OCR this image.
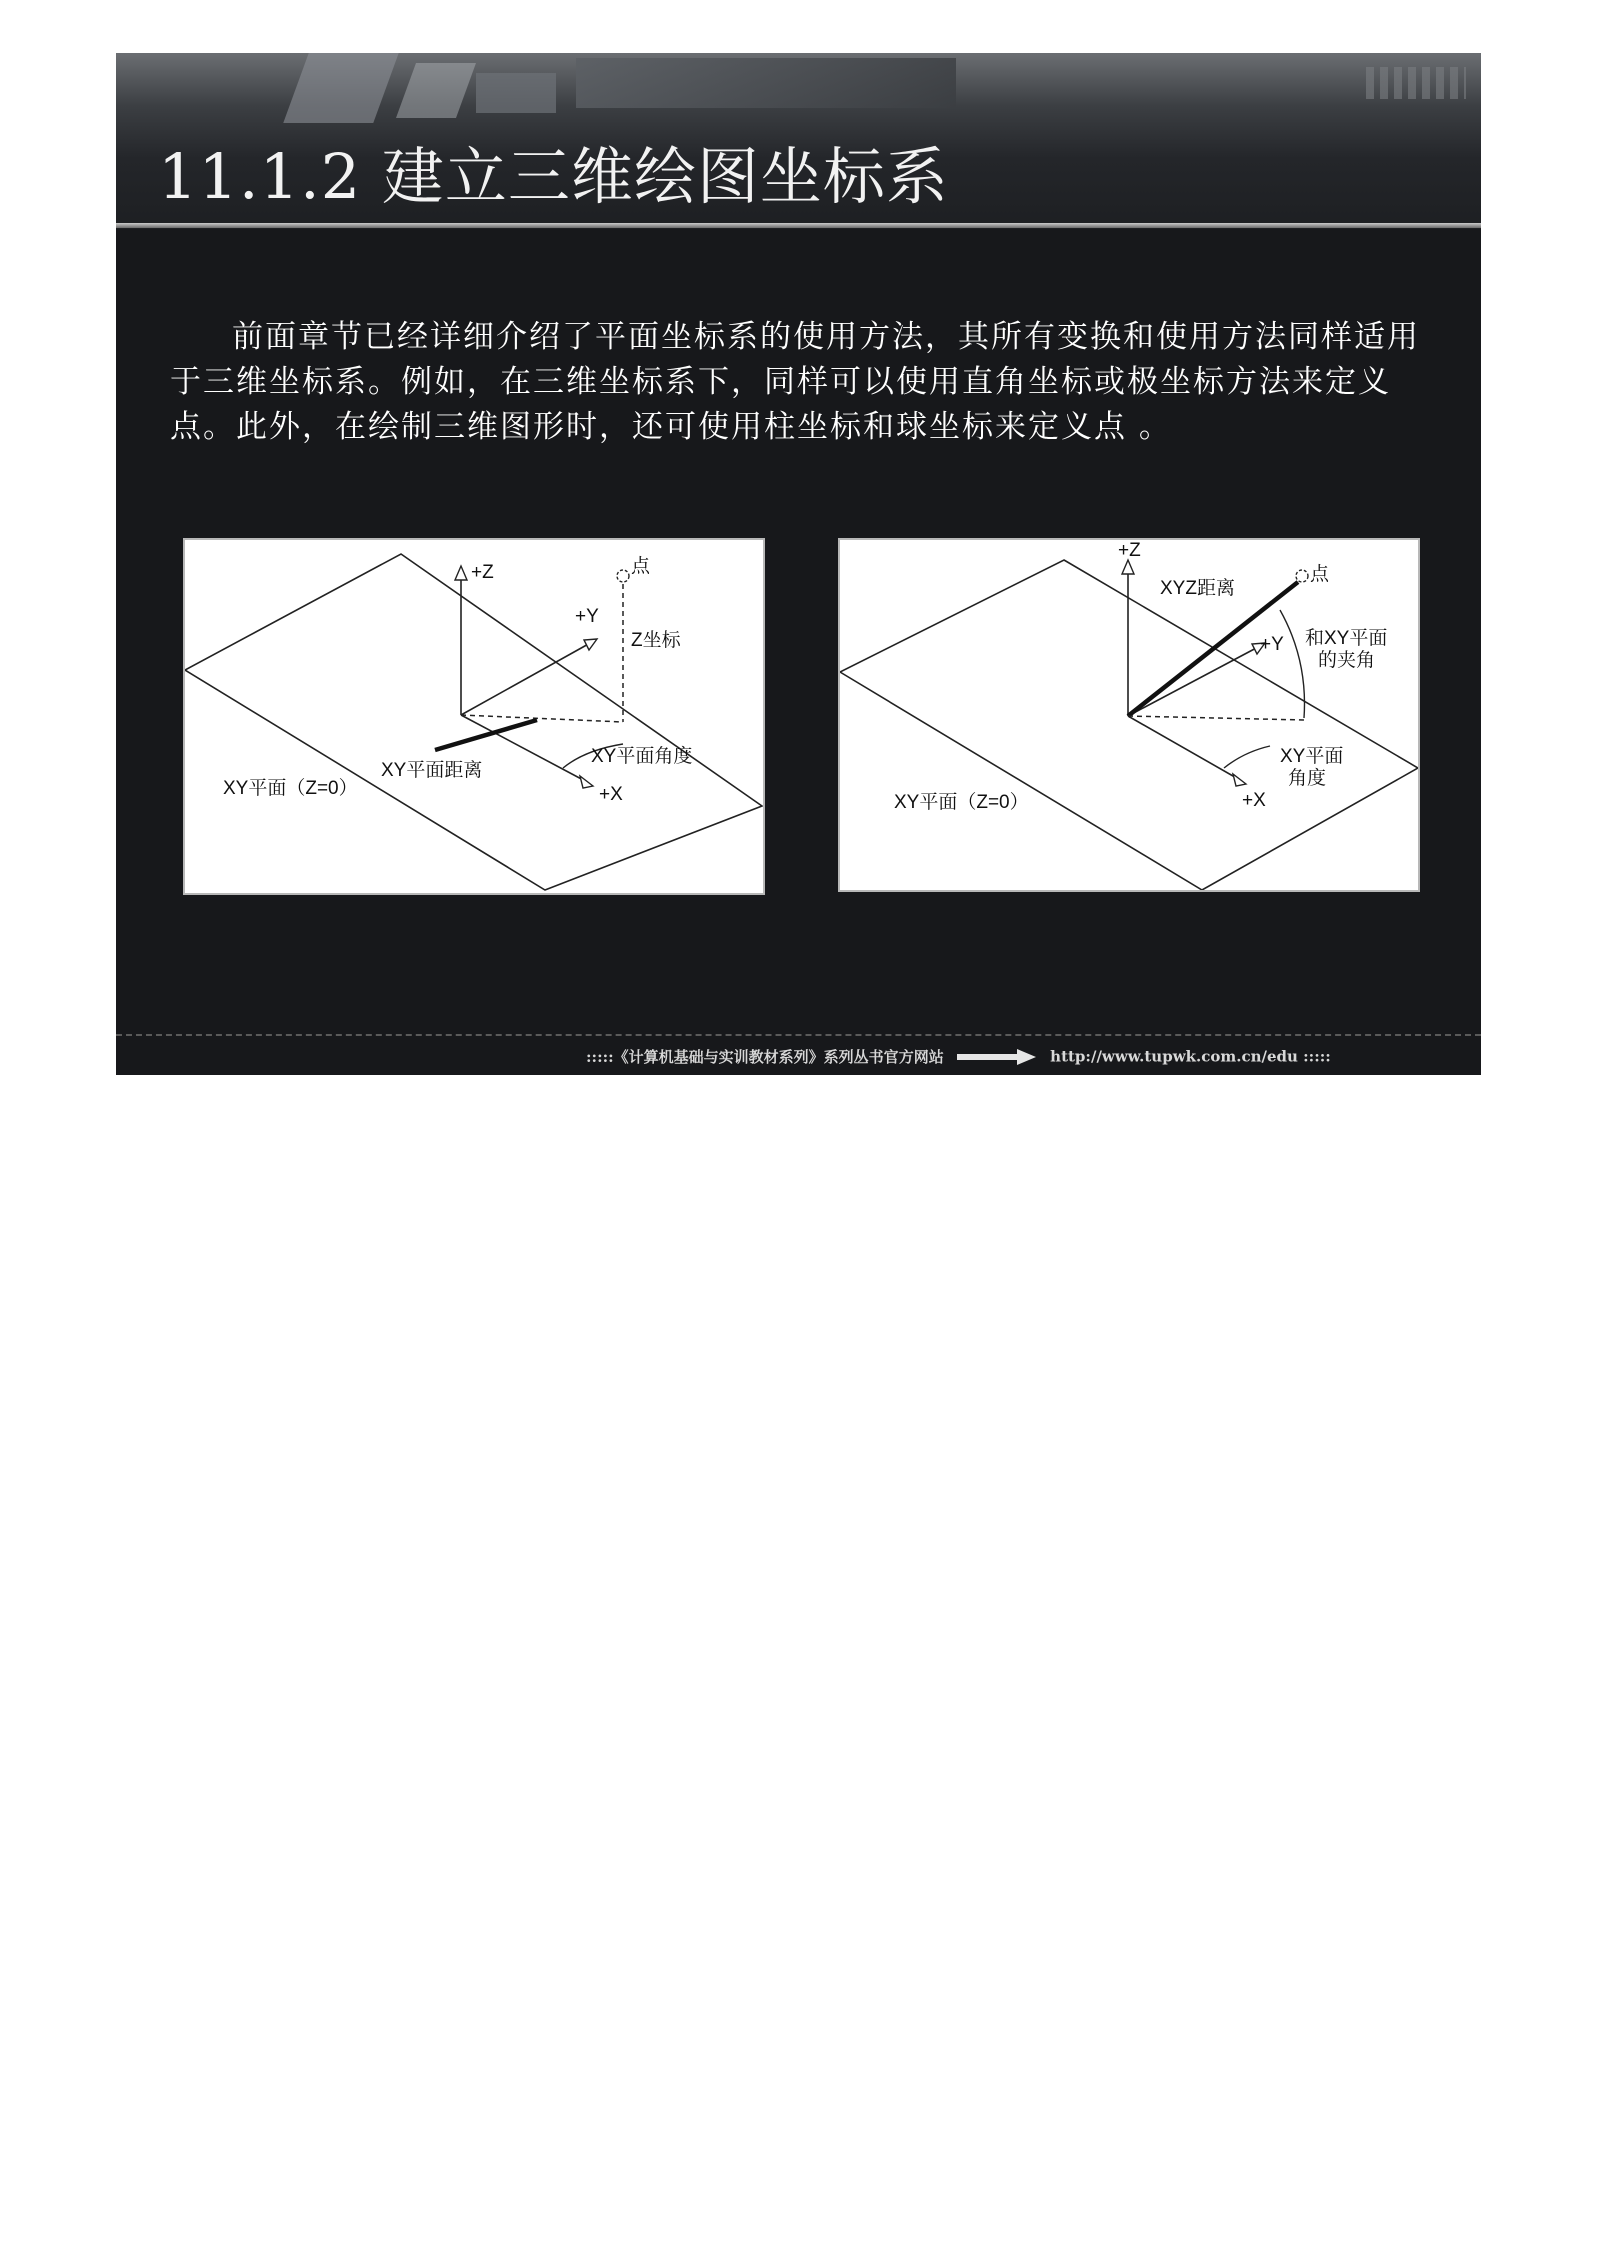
11.1.2 建立三维绘图坐标系
前面章节已经详细介绍了平面坐标系的使用方法，其所有变换和使用方法同样适用于三维坐标系。例如，在三维坐标系下，同样可以使用直角坐标或极坐标方法来定义点。此外，在绘制三维图形时，还可使用柱坐标和球坐标来定义点 。
+Z	点
+Y
Z坐标
XY平面角度
XY平面距离
+X
XY平面（Z=0）
+Z
XYZ距离
点
+Y 和XY平面
的夹角
XY平面
角度
+X
XY平面（Z=0）
:::::《计算机基础与实训教材系列》系列丛书官方网站	http://www.tupwk.com.cn/edu :::::
